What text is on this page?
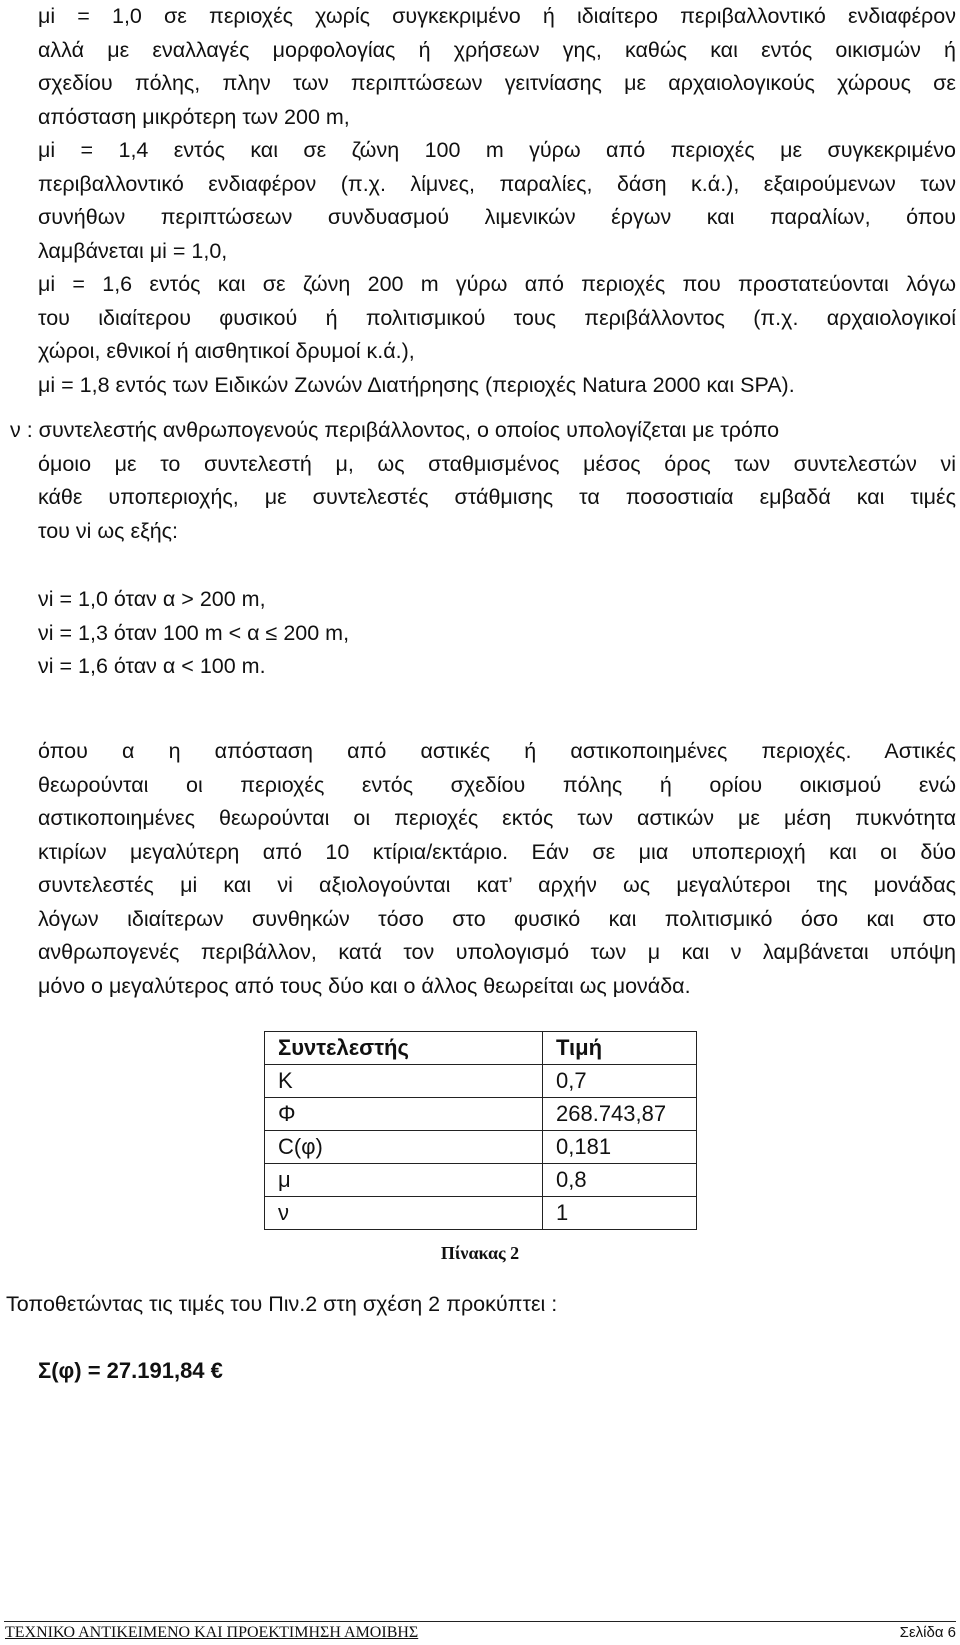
μi = 1,0 σε περιοχές χωρίς συγκεκριμένο ή ιδιαίτερο περιβαλλοντικό ενδιαφέρον
αλλά με εναλλαγές μορφολογίας ή χρήσεων γης, καθώς και εντός οικισμών ή
σχεδίου πόλης, πλην των περιπτώσεων γειτνίασης με αρχαιολογικούς χώρους σε
απόσταση μικρότερη των 200 m,
μi = 1,4 εντός και σε ζώνη 100 m γύρω από περιοχές με συγκεκριμένο
περιβαλλοντικό ενδιαφέρον (π.χ. λίμνες, παραλίες, δάση κ.ά.), εξαιρούμενων των
συνήθων περιπτώσεων συνδυασμού λιμενικών έργων και παραλίων, όπου
λαμβάνεται μi = 1,0,
μi = 1,6 εντός και σε ζώνη 200 m γύρω από περιοχές που προστατεύονται λόγω
του ιδιαίτερου φυσικού ή πολιτισμικού τους περιβάλλοντος (π.χ. αρχαιολογικοί
χώροι, εθνικοί ή αισθητικοί δρυμοί κ.ά.),
μi = 1,8 εντός των Ειδικών Ζωνών Διατήρησης (περιοχές Natura 2000 και SPA).
ν : συντελεστής ανθρωπογενούς περιβάλλοντος, ο οποίος υπολογίζεται με τρόπο
όμοιο με το συντελεστή μ, ως σταθμισμένος μέσος όρος των συντελεστών νi
κάθε υποπεριοχής, με συντελεστές στάθμισης τα ποσοστιαία εμβαδά και τιμές
του νi ως εξής:
νi = 1,0 όταν α > 200 m,
νi = 1,3 όταν 100 m < α ≤ 200 m,
νi = 1,6 όταν α < 100 m.
όπου α η απόσταση από αστικές ή αστικοποιημένες περιοχές. Αστικές
θεωρούνται οι περιοχές εντός σχεδίου πόλης ή ορίου οικισμού ενώ
αστικοποιημένες θεωρούνται οι περιοχές εκτός των αστικών με μέση πυκνότητα
κτιρίων μεγαλύτερη από 10 κτίρια/εκτάριο. Εάν σε μια υποπεριοχή και οι δύο
συντελεστές μi και νi αξιολογούνται κατ’ αρχήν ως μεγαλύτεροι της μονάδας
λόγων ιδιαίτερων συνθηκών τόσο στο φυσικό και πολιτισμικό όσο και στο
ανθρωπογενές περιβάλλον, κατά τον υπολογισμό των μ και ν λαμβάνεται υπόψη
μόνο ο μεγαλύτερος από τους δύο και ο άλλος θεωρείται ως μονάδα.
Συντελεστής	Τιμή
Κ	0,7
Φ	268.743,87
C(φ)	0,181
μ	0,8
ν	1
Πίνακας 2

Τοποθετώντας τις τιμές του Πιν.2 στη σχέση 2 προκύπτει :

Σ(φ) = 27.191,84 €

ΤΕΧΝΙΚΟ ΑΝΤΙΚΕΙΜΕΝΟ ΚΑΙ ΠΡΟΕΚΤΙΜΗΣΗ ΑΜΟΙΒΗΣ	Σελίδα 6
